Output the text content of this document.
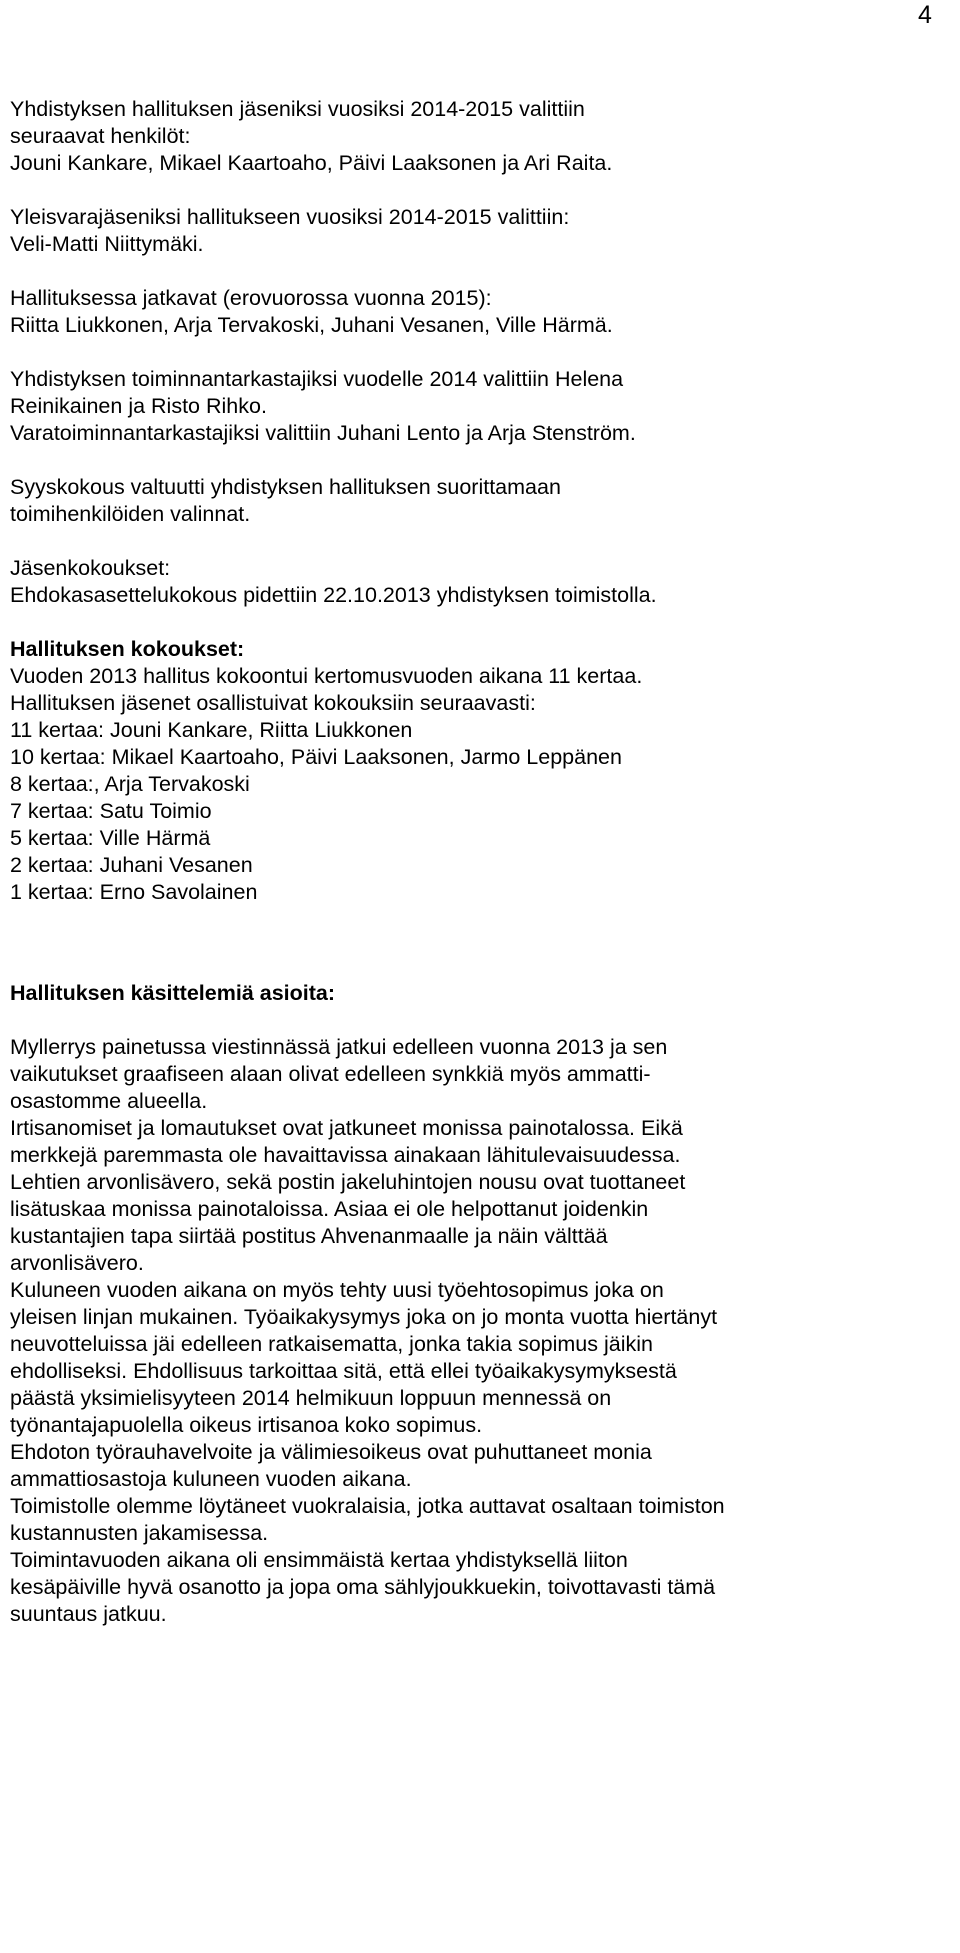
4

Yhdistyksen hallituksen jäseniksi vuosiksi 2014-2015 valittiin
seuraavat henkilöt:
Jouni Kankare, Mikael Kaartoaho, Päivi Laaksonen ja Ari Raita.

Yleisvarajäseniksi hallitukseen vuosiksi 2014-2015 valittiin:
Veli-Matti Niittymäki.

Hallituksessa jatkavat (erovuorossa vuonna 2015):
Riitta Liukkonen, Arja Tervakoski, Juhani Vesanen, Ville Härmä.

Yhdistyksen toiminnantarkastajiksi vuodelle 2014 valittiin Helena
Reinikainen ja Risto Rihko.
Varatoiminnantarkastajiksi valittiin Juhani Lento ja Arja Stenström.

Syyskokous valtuutti yhdistyksen hallituksen suorittamaan
toimihenkilöiden valinnat.

Jäsenkokoukset:
Ehdokasasettelukokous pidettiin 22.10.2013 yhdistyksen toimistolla.

Hallituksen kokoukset:
Vuoden 2013 hallitus kokoontui kertomusvuoden aikana 11 kertaa.
Hallituksen jäsenet osallistuivat kokouksiin seuraavasti:
11 kertaa: Jouni Kankare, Riitta Liukkonen
10 kertaa: Mikael Kaartoaho, Päivi Laaksonen, Jarmo Leppänen
8 kertaa:, Arja Tervakoski
7 kertaa: Satu Toimio
5 kertaa: Ville Härmä
2 kertaa: Juhani Vesanen
1 kertaa: Erno Savolainen

Hallituksen käsittelemiä asioita:
Myllerrys painetussa viestinnässä jatkui edelleen vuonna 2013 ja sen
vaikutukset graafiseen alaan olivat edelleen synkkiä myös ammatti-
osastomme alueella.
Irtisanomiset ja lomautukset ovat jatkuneet monissa painotalossa. Eikä
merkkejä paremmasta ole havaittavissa ainakaan lähitulevaisuudessa.
Lehtien arvonlisävero, sekä postin jakeluhintojen nousu ovat tuottaneet
lisätuskaa monissa painotaloissa. Asiaa ei ole helpottanut joidenkin
kustantajien tapa siirtää postitus Ahvenanmaalle ja näin välttää
arvonlisävero.
Kuluneen vuoden aikana on myös tehty uusi työehtosopimus joka on
yleisen linjan mukainen. Työaikakysymys joka on jo monta vuotta hiertänyt
neuvotteluissa jäi edelleen ratkaisematta, jonka takia sopimus jäikin
ehdolliseksi. Ehdollisuus tarkoittaa sitä, että ellei työaikakysymyksestä
päästä yksimielisyyteen 2014 helmikuun loppuun mennessä on
työnantajapuolella oikeus irtisanoa koko sopimus.
Ehdoton työrauhavelvoite ja välimiesoikeus ovat puhuttaneet monia
ammattiosastoja kuluneen vuoden aikana.
Toimistolle olemme löytäneet vuokralaisia, jotka auttavat osaltaan toimiston
kustannusten jakamisessa.
Toimintavuoden aikana oli ensimmäistä kertaa yhdistyksellä liiton
kesäpäiville hyvä osanotto ja jopa oma sählyjoukkuekin, toivottavasti tämä
suuntaus jatkuu.
